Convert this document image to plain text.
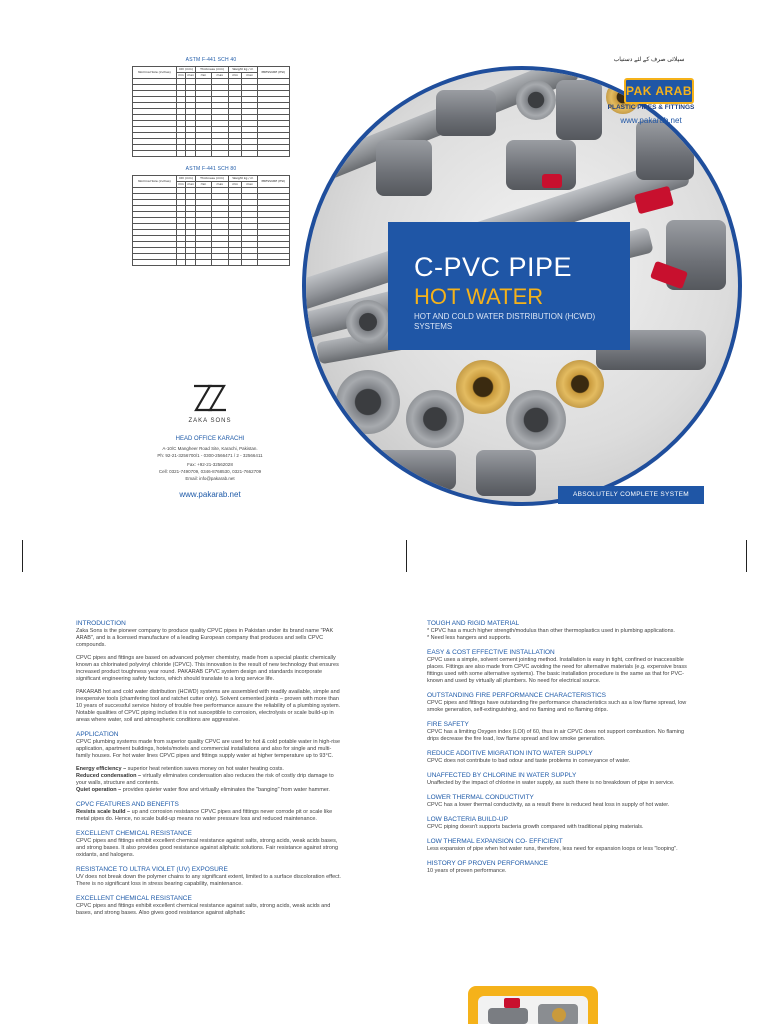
ASTM F-441 SCH 40
Nominal Size (inches)	OD (mm)		Thickness (mm)		Weight kg / m		PRESSURE (PSI)
	min	max	min	max	min	max	

ASTM F-441 SCH 80
Nominal Size (inches)	OD (mm)		Thickness (mm)		Weight kg / m		PRESSURE (PSI)
	min	max	min	max	min	max	

C-PVC PIPE
HOT WATER
HOT AND COLD WATER DISTRIBUTION (HCWD) SYSTEMS
ABSOLUTELY COMPLETE SYSTEM
سپلائی صرف کے لئے دستیاب
PAK ARAB
PLASTIC PIPES & FITTINGS
www.pakarab.net
ZAKA SONS
HEAD OFFICE KARACHI
A-10/C Mangheer Road Site, Karachi, Pakistan.
Ph: 92-21-3256700/1 - 0300-2566471 / 2 - 32566411
Fax: +92-21-32562028
Cell: 0321-7490709, 0346-8768530, 0321-7662709
Email: info@pakarab.net
www.pakarab.net
INTRODUCTION

Zaka Sons is the pioneer company to produce quality CPVC pipes in Pakistan under its brand name "PAK ARAB", and is a licensed manufacture of a leading European company that produces and sells CPVC compounds.

CPVC pipes and fittings are based on advanced polymer chemistry, made from a special plastic chemically known as chlorinated polyvinyl chloride (CPVC). This innovation is the result of new technology that ensures increased product toughness year round. PAKARAB CPVC system design and standards incorporate significant engineering safety factors, which should translate to a long service life.

PAKARAB hot and cold water distribution (HCWD) systems are assembled with readily available, simple and inexpensive tools (chamfering tool and ratchet cutter only). Solvent cemented joints – proven with more than 10 years of successful service history of trouble free performance assure the reliability of a plumbing system. Notable qualities of CPVC piping includes it is not susceptible to corrosion, electrolysis or scale build-up in areas where water, soil and atmospheric conditions are aggressive.

APPLICATION

CPVC plumbing systems made from superior quality CPVC are used for hot & cold potable water in high-rise application, apartment buildings, hotels/motels and commercial installations and also for single and multi-family houses. For hot water lines CPVC pipes and fittings supply water at higher temperature up to 93°C.

Energy efficiency – superior heat retention saves money on hot water heating costs.

Reduced condensation – virtually eliminates condensation also reduces the risk of costly drip damage to your walls, structure and contents.

Quiet operation – provides quieter water flow and virtually eliminates the "banging" from water hammer.

CPVC FEATURES AND BENEFITS

Resists scale build – up and corrosion resistance CPVC pipes and fittings never corrode pit or scale like metal pipes do. Hence, no scale build-up means no water pressure loss and reduced maintenance.

EXCELLENT CHEMICAL RESISTANCE

CPVC pipes and fittings exhibit excellent chemical resistance against salts, strong acids, weak acids bases, and strong bases. It also provides good resistance against aliphatic solutions. Fair resistance against strong oxidants, and halogens.

RESISTANCE TO ULTRA VIOLET (UV) EXPOSURE

UV does not break down the polymer chains to any significant extent, limited to a surface discoloration effect. There is no significant loss in stress bearing capability, maintenance.

EXCELLENT CHEMICAL RESISTANCE

CPVC pipes and fittings exhibit excellent chemical resistance against salts, strong acids, weak acids and bases, and strong bases. Also gives good resistance against aliphatic

TOUGH AND RIGID MATERIAL

* CPVC has a much higher strength/modulus than other thermoplastics used in plumbing applications.

* Need less hangers and supports.

EASY & COST EFFECTIVE INSTALLATION

CPVC uses a simple, solvent cement jointing method. Installation is easy in tight, confined or inaccessible places. Fittings are also made from CPVC avoiding the need for alternative materials (e.g. expensive brass fittings used with some alternative systems). The basic installation procedure is the same as that for PVC-known and used by virtually all plumbers. No need for electrical source.

OUTSTANDING FIRE PERFORMANCE CHARACTERISTICS

CPVC pipes and fittings have outstanding fire performance characteristics such as a low flame spread, low smoke generation, self-extinguishing, and no flaming and no flaming drips.

FIRE SAFETY

CPVC has a limiting Oxygen index (LOI) of 60, thus in air CPVC does not support combustion. No flaming drips decrease the fire load, low flame spread and low smoke generation.

REDUCE ADDITIVE MIGRATION INTO WATER SUPPLY

CPVC does not contribute to bad odour and taste problems in conveyance of water.

UNAFFECTED BY CHLORINE IN WATER SUPPLY

Unaffected by the impact of chlorine in water supply, as such there is no breakdown of pipe in service.

LOWER THERMAL CONDUCTIVITY

CPVC has a lower thermal conductivity, as a result there is reduced heat loss in supply of hot water.

LOW BACTERIA BUILD-UP

CPVC piping doesn't supports bacteria growth compared with traditional piping materials.

LOW THERMAL EXPANSION CO- EFFICIENT

Less expansion of pipe when hot water runs, therefore, less need for expansion loops or less "looping".

HISTORY OF PROVEN PERFORMANCE

10 years of proven performance.
